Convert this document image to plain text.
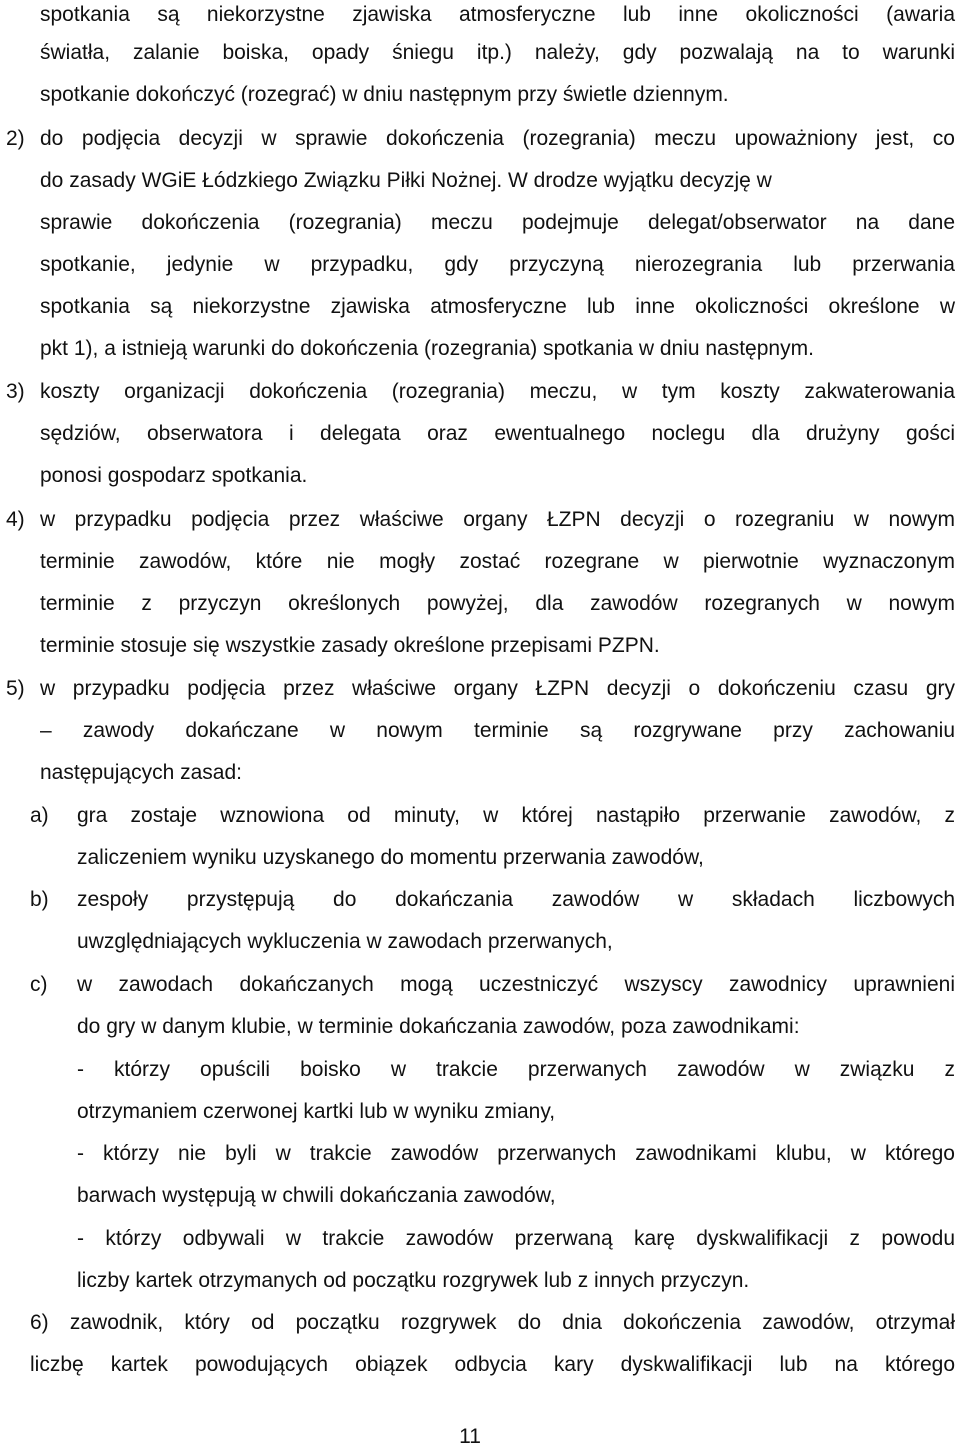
spotkania są niekorzystne zjawiska atmosferyczne lub inne okoliczności (awaria
światła, zalanie boiska, opady śniegu itp.) należy, gdy pozwalają na to warunki
spotkanie dokończyć (rozegrać) w dniu następnym przy świetle dziennym.
2) do podjęcia decyzji w sprawie dokończenia (rozegrania) meczu upoważniony jest, co
do zasady WGiE Łódzkiego Związku Piłki Nożnej. W drodze wyjątku decyzję w
sprawie dokończenia (rozegrania) meczu podejmuje delegat/obserwator na dane
spotkanie, jedynie w przypadku, gdy przyczyną nierozegrania lub przerwania
spotkania są niekorzystne zjawiska atmosferyczne lub inne okoliczności określone w
pkt 1), a istnieją warunki do dokończenia (rozegrania) spotkania w dniu następnym.
3) koszty organizacji dokończenia (rozegrania) meczu, w tym koszty zakwaterowania
sędziów, obserwatora i delegata oraz ewentualnego noclegu dla drużyny gości
ponosi gospodarz spotkania.
4) w przypadku podjęcia przez właściwe organy ŁZPN decyzji o rozegraniu w nowym
terminie zawodów, które nie mogły zostać rozegrane w pierwotnie wyznaczonym
terminie z przyczyn określonych powyżej, dla zawodów rozegranych w nowym
terminie stosuje się wszystkie zasady określone przepisami PZPN.
5) w przypadku podjęcia przez właściwe organy ŁZPN decyzji o dokończeniu czasu gry
– zawody dokańczane w nowym terminie są rozgrywane przy zachowaniu
następujących zasad:
a) gra zostaje wznowiona od minuty, w której nastąpiło przerwanie zawodów, z
zaliczeniem wyniku uzyskanego do momentu przerwania zawodów,
b) zespoły przystępują do dokańczania zawodów w składach liczbowych
uwzględniających wykluczenia w zawodach przerwanych,
c) w zawodach dokańczanych mogą uczestniczyć wszyscy zawodnicy uprawnieni
do gry w danym klubie, w terminie dokańczania zawodów, poza zawodnikami:
- którzy opuścili boisko w trakcie przerwanych zawodów w związku z
otrzymaniem czerwonej kartki lub w wyniku zmiany,
- którzy nie byli w trakcie zawodów przerwanych zawodnikami klubu, w którego
barwach występują w chwili dokańczania zawodów,
- którzy odbywali w trakcie zawodów przerwaną karę dyskwalifikacji z powodu
liczby kartek otrzymanych od początku rozgrywek lub z innych przyczyn.
6) zawodnik, który od początku rozgrywek do dnia dokończenia zawodów, otrzymał
liczbę kartek powodujących obiązek odbycia kary dyskwalifikacji lub na którego
11
